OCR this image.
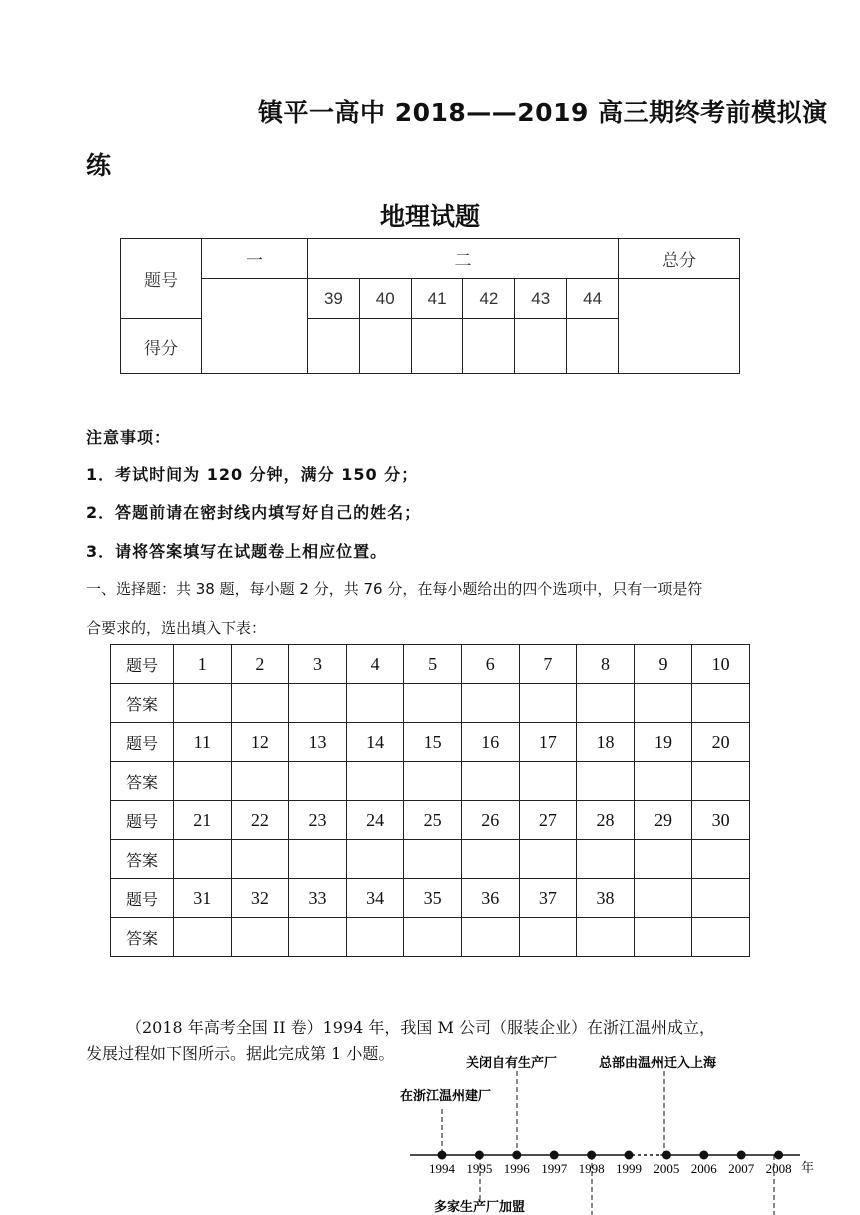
镇平一高中 2018——2019 高三期终考前模拟演
练
地理试题
题号	一	二						总分
		39	40	41	42	43	44	
得分								
注意事项：
1．考试时间为 120 分钟，满分 150 分；
2．答题前请在密封线内填写好自己的姓名；
3．请将答案填写在试题卷上相应位置。
一、选择题：共 38 题，每小题 2 分，共 76 分，在每小题给出的四个选项中，只有一项是符
合要求的，选出填入下表：
题号	1	2	3	4	5	6	7	8	9	10
答案										
题号	11	12	13	14	15	16	17	18	19	20
答案										
题号	21	22	23	24	25	26	27	28	29	30
答案										
题号	31	32	33	34	35	36	37	38		
答案										
（2018 年高考全国 II 卷）1994 年，我国 M 公司（服装企业）在浙江温州成立，
发展过程如下图所示。据此完成第 1 小题。
1994 1995 1996 1997 1998 1999 2005 2006 2007 2008
在浙江温州建厂
关闭自有生产厂	总部由温州迁入上海
多家生产厂加盟
年
